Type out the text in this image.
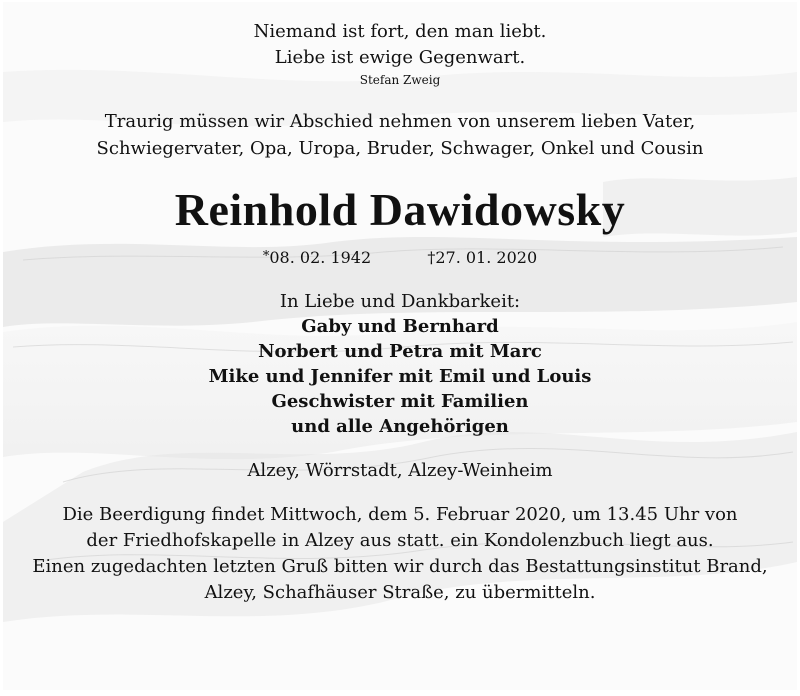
Niemand ist fort, den man liebt.
Liebe ist ewige Gegenwart.
Stefan Zweig
Traurig müssen wir Abschied nehmen von unserem lieben Vater,
Schwiegervater, Opa, Uropa, Bruder, Schwager, Onkel und Cousin
Reinhold Dawidowsky
*08. 02. 1942	†27. 01. 2020
In Liebe und Dankbarkeit:
Gaby und Bernhard
Norbert und Petra mit Marc
Mike und Jennifer mit Emil und Louis
Geschwister mit Familien
und alle Angehörigen
Alzey, Wörrstadt, Alzey-Weinheim
Die Beerdigung findet Mittwoch, dem 5. Februar 2020, um 13.45 Uhr von
der Friedhofskapelle in Alzey aus statt. ein Kondolenzbuch liegt aus.
Einen zugedachten letzten Gruß bitten wir durch das Bestattungsinstitut Brand,
Alzey, Schafhäuser Straße, zu übermitteln.
